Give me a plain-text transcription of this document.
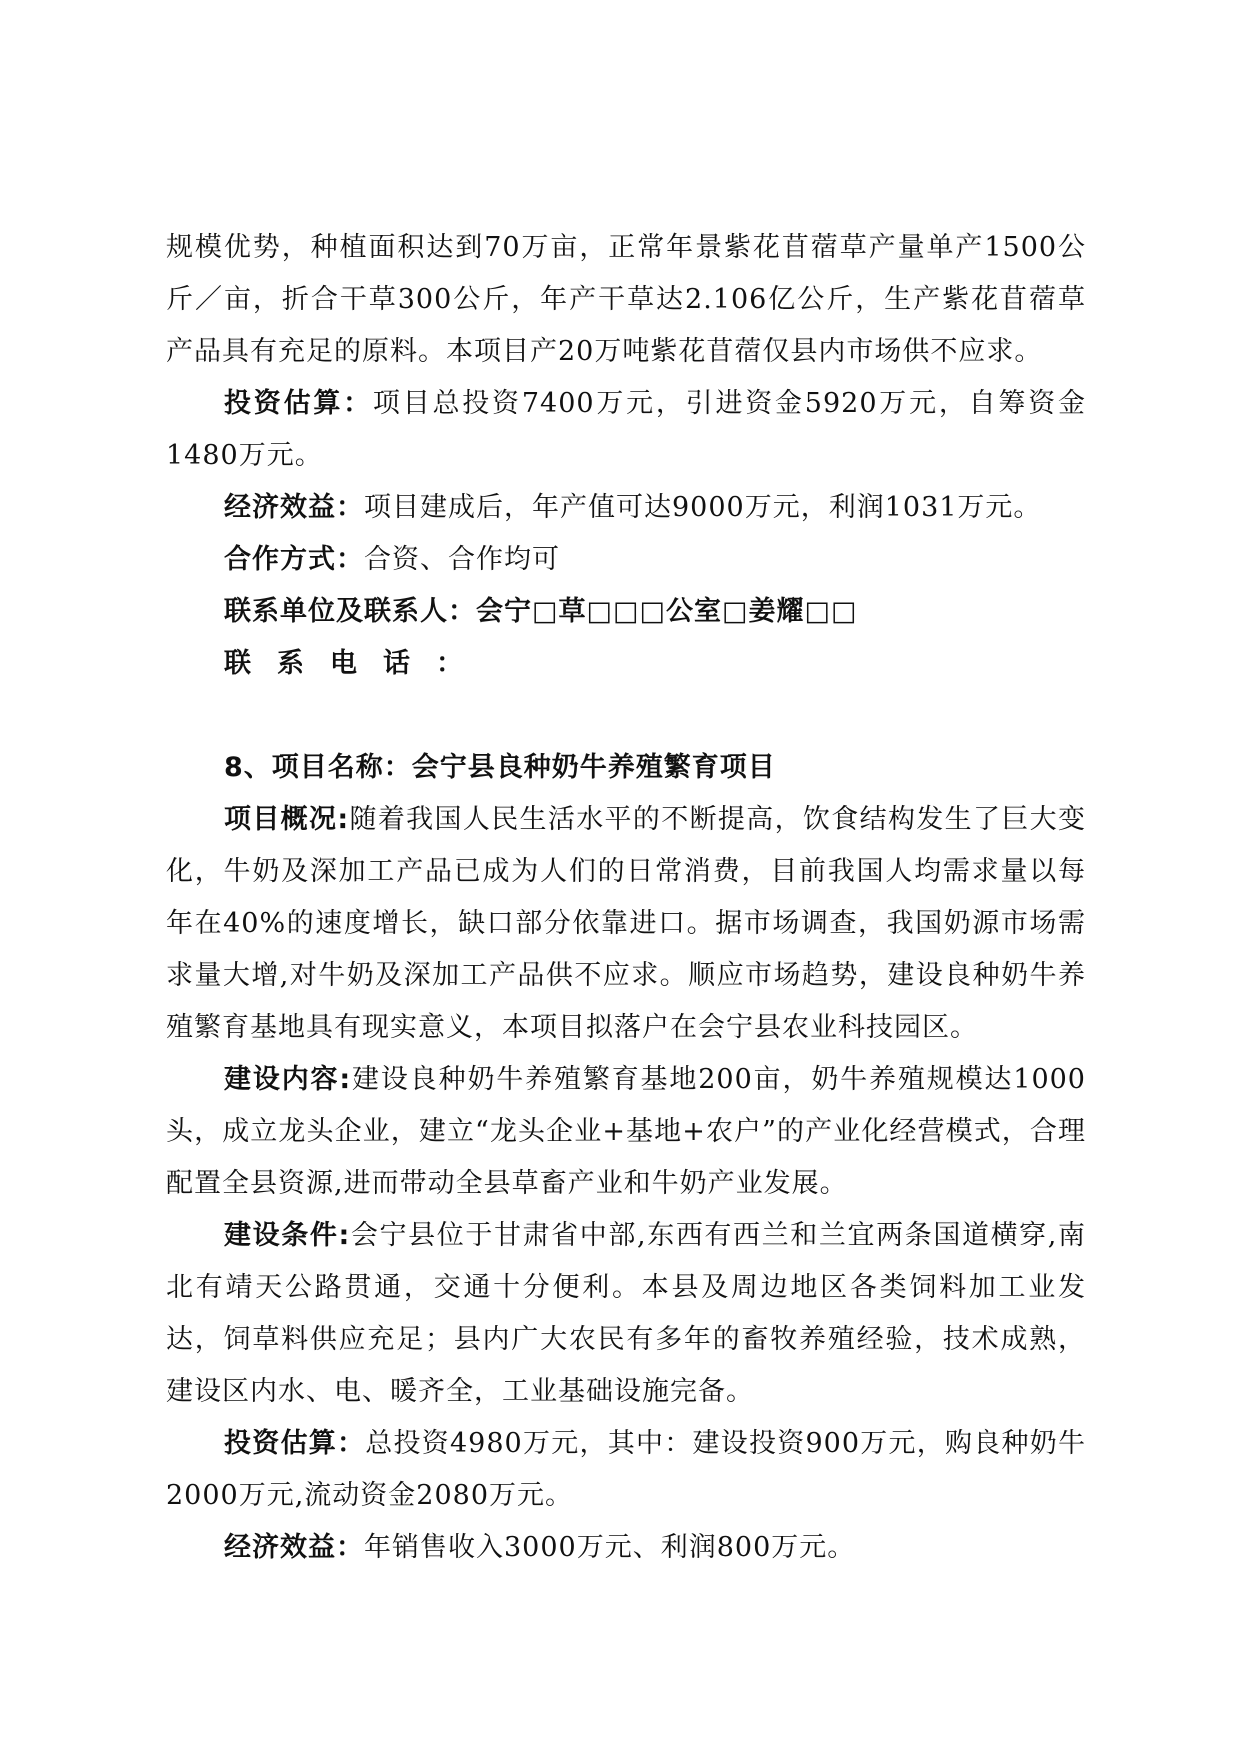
规模优势，种植面积达到70万亩，正常年景紫花苜蓿草产量单产1500公斤／亩，折合干草300公斤，年产干草达2.106亿公斤，生产紫花苜蓿草产品具有充足的原料。本项目产20万吨紫花苜蓿仅县内市场供不应求。

投资估算：项目总投资7400万元，引进资金5920万元，自筹资金1480万元。

经济效益：项目建成后，年产值可达9000万元，利润1031万元。

合作方式：合资、合作均可

联系单位及联系人：会宁□草□□□公室□姜耀□□

联系电话：

8、项目名称：会宁县良种奶牛养殖繁育项目

项目概况:随着我国人民生活水平的不断提高，饮食结构发生了巨大变化，牛奶及深加工产品已成为人们的日常消费，目前我国人均需求量以每年在40%的速度增长，缺口部分依靠进口。据市场调查，我国奶源市场需求量大增,对牛奶及深加工产品供不应求。顺应市场趋势，建设良种奶牛养殖繁育基地具有现实意义，本项目拟落户在会宁县农业科技园区。

建设内容:建设良种奶牛养殖繁育基地200亩，奶牛养殖规模达1000头，成立龙头企业，建立“龙头企业+基地+农户”的产业化经营模式，合理配置全县资源,进而带动全县草畜产业和牛奶产业发展。

建设条件:会宁县位于甘肃省中部,东西有西兰和兰宜两条国道横穿,南北有靖天公路贯通，交通十分便利。本县及周边地区各类饲料加工业发达，饲草料供应充足；县内广大农民有多年的畜牧养殖经验，技术成熟，建设区内水、电、暖齐全，工业基础设施完备。

投资估算：总投资4980万元，其中：建设投资900万元，购良种奶牛2000万元,流动资金2080万元。

经济效益：年销售收入3000万元、利润800万元。
